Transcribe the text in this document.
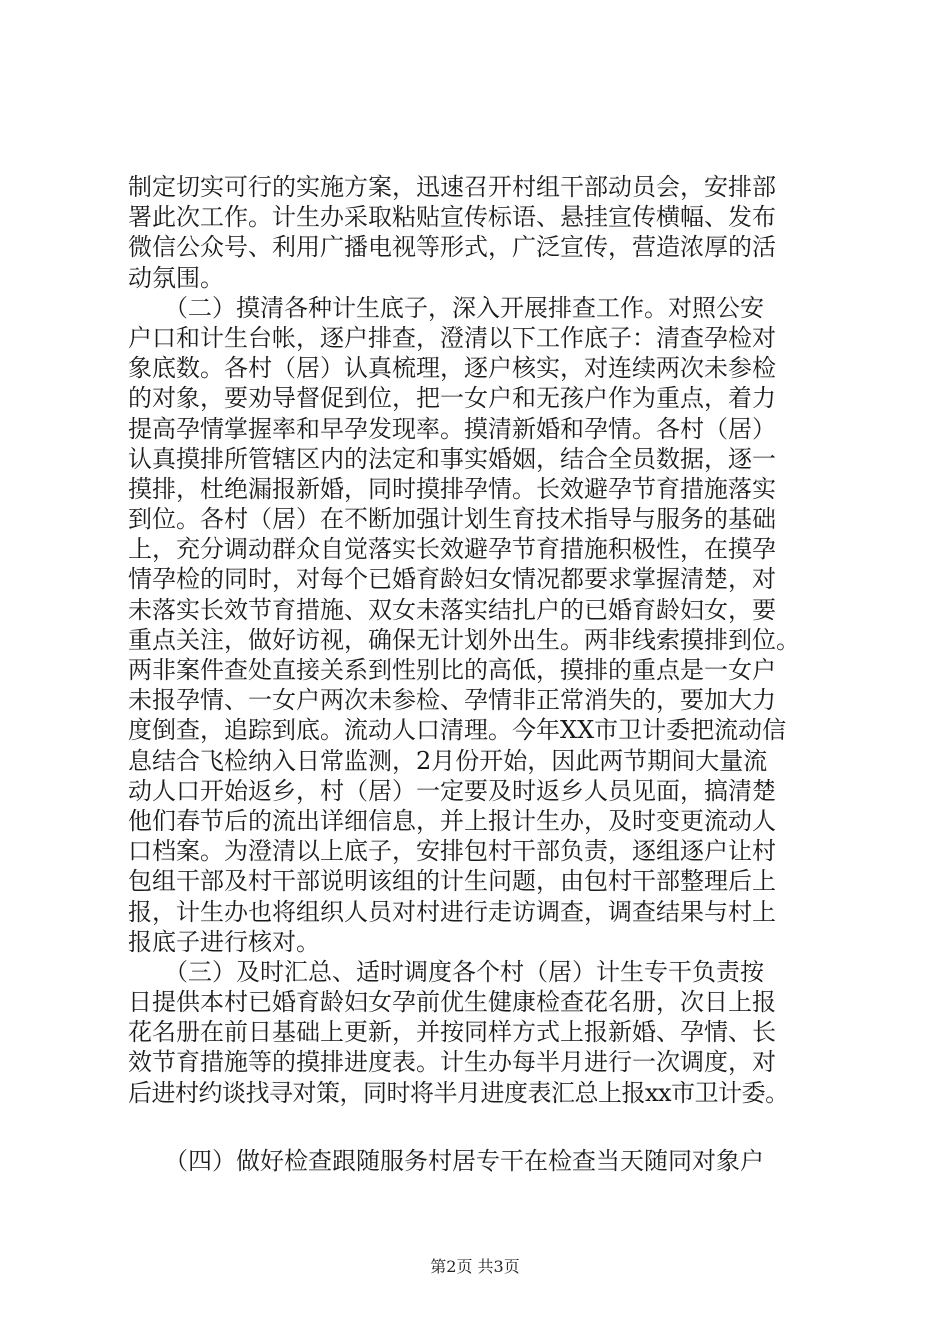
制定切实可行的实施方案，迅速召开村组干部动员会，安排部
署此次工作。计生办采取粘贴宣传标语、悬挂宣传横幅、发布
微信公众号、利用广播电视等形式，广泛宣传，营造浓厚的活
动氛围。
　　（二）摸清各种计生底子，深入开展排查工作。对照公安
户口和计生台帐，逐户排查，澄清以下工作底子：清查孕检对
象底数。各村（居）认真梳理，逐户核实，对连续两次未参检
的对象，要劝导督促到位，把一女户和无孩户作为重点，着力
提高孕情掌握率和早孕发现率。摸清新婚和孕情。各村（居）
认真摸排所管辖区内的法定和事实婚姻，结合全员数据，逐一
摸排，杜绝漏报新婚，同时摸排孕情。长效避孕节育措施落实
到位。各村（居）在不断加强计划生育技术指导与服务的基础
上，充分调动群众自觉落实长效避孕节育措施积极性，在摸孕
情孕检的同时，对每个已婚育龄妇女情况都要求掌握清楚，对
未落实长效节育措施、双女未落实结扎户的已婚育龄妇女，要
重点关注，做好访视，确保无计划外出生。两非线索摸排到位。
两非案件查处直接关系到性别比的高低，摸排的重点是一女户
未报孕情、一女户两次未参检、孕情非正常消失的，要加大力
度倒查，追踪到底。流动人口清理。今年XX市卫计委把流动信
息结合飞检纳入日常监测，2月份开始，因此两节期间大量流
动人口开始返乡，村（居）一定要及时返乡人员见面，搞清楚
他们春节后的流出详细信息，并上报计生办，及时变更流动人
口档案。为澄清以上底子，安排包村干部负责，逐组逐户让村
包组干部及村干部说明该组的计生问题，由包村干部整理后上
报，计生办也将组织人员对村进行走访调查，调查结果与村上
报底子进行核对。
　　（三）及时汇总、适时调度各个村（居）计生专干负责按
日提供本村已婚育龄妇女孕前优生健康检查花名册，次日上报
花名册在前日基础上更新，并按同样方式上报新婚、孕情、长
效节育措施等的摸排进度表。计生办每半月进行一次调度，对
后进村约谈找寻对策，同时将半月进度表汇总上报xx市卫计委。
　　（四）做好检查跟随服务村居专干在检查当天随同对象户
第2页 共3页
